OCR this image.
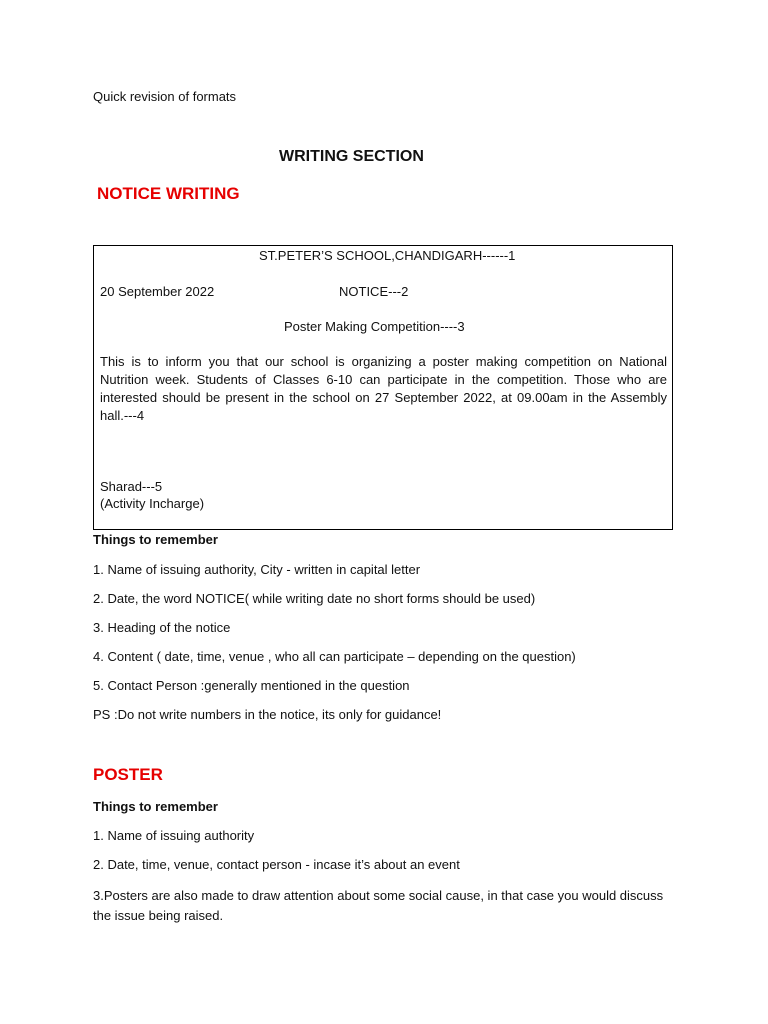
Quick revision of formats
WRITING SECTION
NOTICE WRITING
ST.PETER’S SCHOOL,CHANDIGARH------1
20 September 2022	NOTICE---2
Poster Making Competition----3
This is to inform you that our school is organizing a poster making competition on National Nutrition week. Students of Classes 6-10 can participate in the competition. Those who are interested should be present in the school on 27 September 2022, at 09.00am in the Assembly hall.---4
Sharad---5
(Activity Incharge)
Things to remember
1. Name of issuing authority, City - written in capital letter
2. Date, the word NOTICE( while writing date no short forms should be used)
3. Heading of the notice
4. Content ( date, time, venue , who all can participate – depending on the question)
5. Contact Person :generally mentioned in the question
PS :Do not write numbers in the notice, its only for guidance!
POSTER
Things to remember
1. Name of issuing authority
2. Date, time, venue, contact person - incase it’s about an event
3.Posters are also made to draw attention about some social cause, in that case you would discuss the issue being raised.
